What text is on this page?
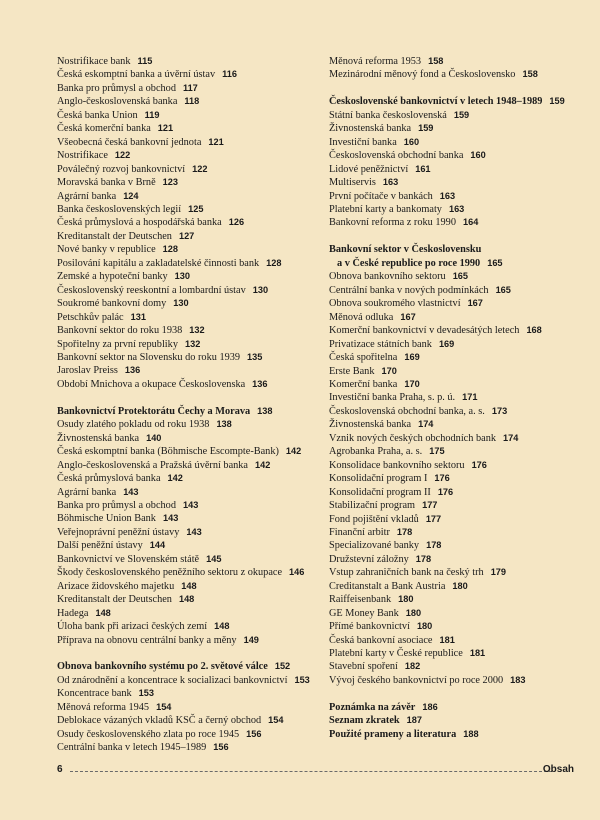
Nostrifikace bank 115
Česká eskomptní banka a úvěrní ústav 116
Banka pro průmysl a obchod 117
Anglo-československá banka 118
Česká banka Union 119
Česká komerční banka 121
Všeobecná česká bankovní jednota 121
Nostrifikace 122
Poválečný rozvoj bankovnictví 122
Moravská banka v Brně 123
Agrární banka 124
Banka československých legií 125
Česká průmyslová a hospodářská banka 126
Kreditanstalt der Deutschen 127
Nové banky v republice 128
Posilování kapitálu a zakladatelské činnosti bank 128
Zemské a hypoteční banky 130
Československý reeskontní a lombardní ústav 130
Soukromé bankovní domy 130
Petschkův palác 131
Bankovní sektor do roku 1938 132
Spořitelny za první republiky 132
Bankovní sektor na Slovensku do roku 1939 135
Jaroslav Preiss 136
Období Mnichova a okupace Československa 136
Bankovnictví Protektorátu Čechy a Morava 138
Osudy zlatého pokladu od roku 1938 138
Živnostenská banka 140
Česká eskomptní banka (Böhmische Escompte-Bank) 142
Anglo-československá a Pražská úvěrní banka 142
Česká průmyslová banka 142
Agrární banka 143
Banka pro průmysl a obchod 143
Böhmische Union Bank 143
Veřejnoprávní peněžní ústavy 143
Další peněžní ústavy 144
Bankovnictví ve Slovenském státě 145
Škody československého peněžního sektoru z okupace 146
Arizace židovského majetku 148
Kreditanstalt der Deutschen 148
Hadega 148
Úloha bank při arizaci českých zemí 148
Příprava na obnovu centrální banky a měny 149
Obnova bankovního systému po 2. světové válce 152
Od znárodnění a koncentrace k socializaci bankovnictví 153
Koncentrace bank 153
Měnová reforma 1945 154
Deblokace vázaných vkladů KSČ a černý obchod 154
Osudy československého zlata po roce 1945 156
Centrální banka v letech 1945–1989 156
Měnová reforma 1953 158
Mezinárodní měnový fond a Československo 158
Československé bankovnictví v letech 1948–1989 159
Státní banka československá 159
Živnostenská banka 159
Investiční banka 160
Československá obchodní banka 160
Lidové peněžnictví 161
Multiservis 163
První počítače v bankách 163
Platební karty a bankomaty 163
Bankovní reforma z roku 1990 164
Bankovní sektor v Československu
a v České republice po roce 1990 165
Obnova bankovního sektoru 165
Centrální banka v nových podmínkách 165
Obnova soukromého vlastnictví 167
Měnová odluka 167
Komerční bankovnictví v devadesátých letech 168
Privatizace státních bank 169
Česká spořitelna 169
Erste Bank 170
Komerční banka 170
Investiční banka Praha, s. p. ú. 171
Československá obchodní banka, a. s. 173
Živnostenská banka 174
Vznik nových českých obchodních bank 174
Agrobanka Praha, a. s. 175
Konsolidace bankovního sektoru 176
Konsolidační program I 176
Konsolidační program II 176
Stabilizační program 177
Fond pojištění vkladů 177
Finanční arbitr 178
Specializované banky 178
Družstevní záložny 178
Vstup zahraničních bank na český trh 179
Creditanstalt a Bank Austria 180
Raiffeisenbank 180
GE Money Bank 180
Přímé bankovnictví 180
Česká bankovní asociace 181
Platební karty v České republice 181
Stavební spoření 182
Vývoj českého bankovnictví po roce 2000 183
Poznámka na závěr 186
Seznam zkratek 187
Použité prameny a literatura 188
6	Obsah
